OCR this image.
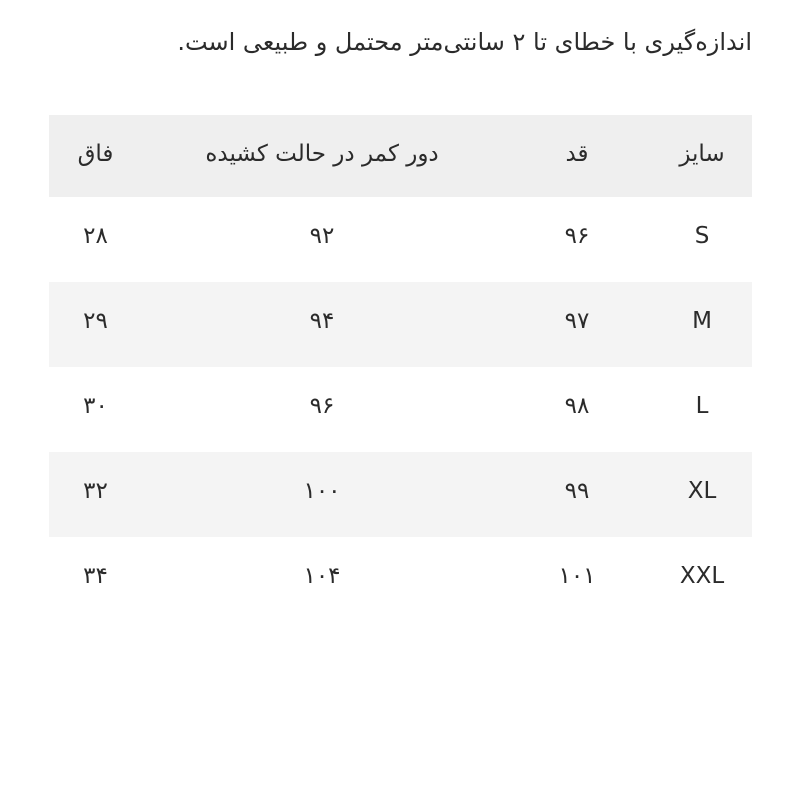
اندازه‌گیری با خطای تا ۲ سانتی‌متر محتمل و طبیعی است.
سایز	قد	دور کمر در حالت کشیده	فاق
S	۹۶	۹۲	۲۸
M	۹۷	۹۴	۲۹
L	۹۸	۹۶	۳۰
XL	۹۹	۱۰۰	۳۲
XXL	۱۰۱	۱۰۴	۳۴
